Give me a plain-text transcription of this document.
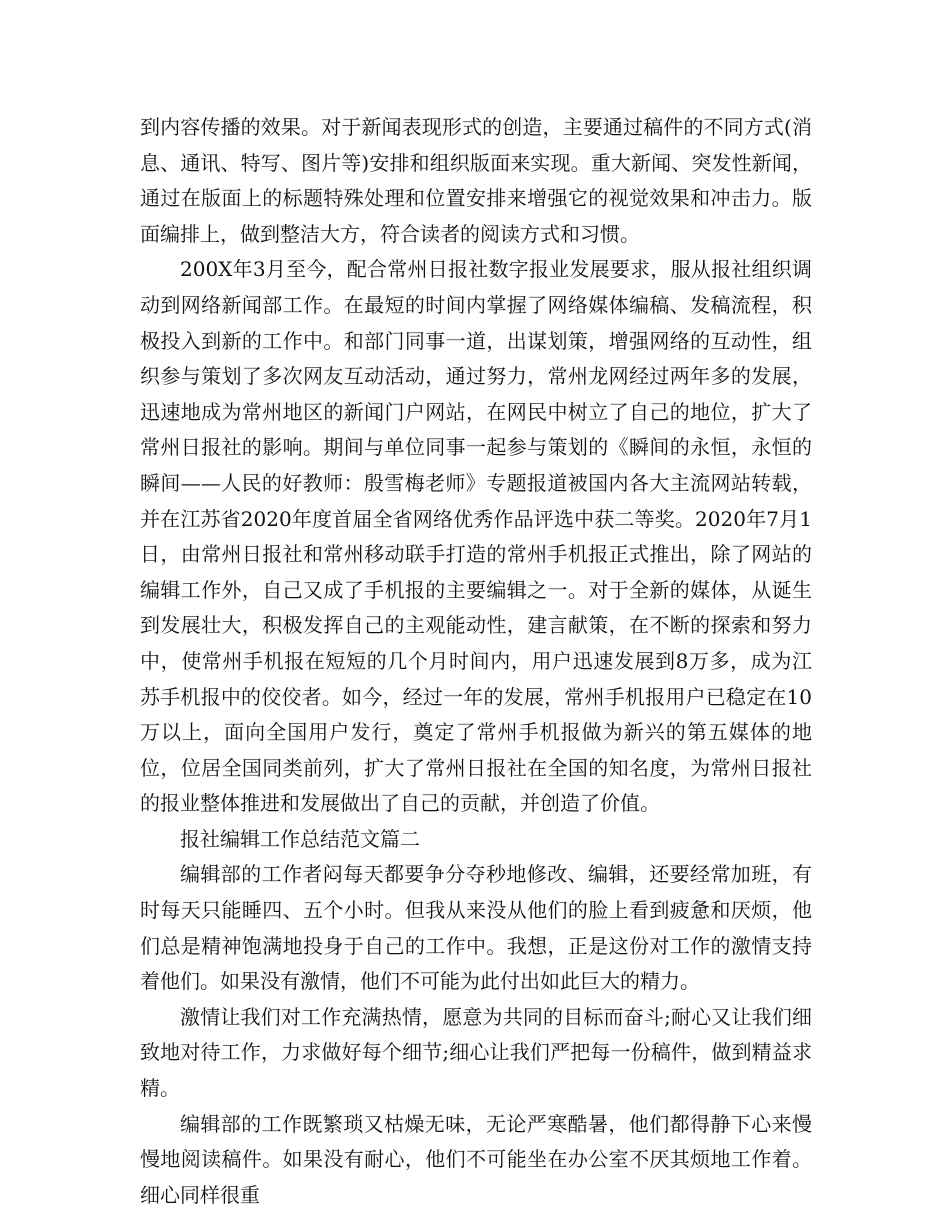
到内容传播的效果。对于新闻表现形式的创造，主要通过稿件的不同方式(消息、通讯、特写、图片等)安排和组织版面来实现。重大新闻、突发性新闻，通过在版面上的标题特殊处理和位置安排来增强它的视觉效果和冲击力。版面编排上，做到整洁大方，符合读者的阅读方式和习惯。

200X年3月至今，配合常州日报社数字报业发展要求，服从报社组织调动到网络新闻部工作。在最短的时间内掌握了网络媒体编稿、发稿流程，积极投入到新的工作中。和部门同事一道，出谋划策，增强网络的互动性，组织参与策划了多次网友互动活动，通过努力，常州龙网经过两年多的发展，迅速地成为常州地区的新闻门户网站，在网民中树立了自己的地位，扩大了常州日报社的影响。期间与单位同事一起参与策划的《瞬间的永恒，永恒的瞬间——人民的好教师：殷雪梅老师》专题报道被国内各大主流网站转载，并在江苏省2020年度首届全省网络优秀作品评选中获二等奖。2020年7月1日，由常州日报社和常州移动联手打造的常州手机报正式推出，除了网站的编辑工作外，自己又成了手机报的主要编辑之一。对于全新的媒体，从诞生到发展壮大，积极发挥自己的主观能动性，建言献策，在不断的探索和努力中，使常州手机报在短短的几个月时间内，用户迅速发展到8万多，成为江苏手机报中的佼佼者。如今，经过一年的发展，常州手机报用户已稳定在10万以上，面向全国用户发行，奠定了常州手机报做为新兴的第五媒体的地位，位居全国同类前列，扩大了常州日报社在全国的知名度，为常州日报社的报业整体推进和发展做出了自己的贡献，并创造了价值。

报社编辑工作总结范文篇二

编辑部的工作者闷每天都要争分夺秒地修改、编辑，还要经常加班，有时每天只能睡四、五个小时。但我从来没从他们的脸上看到疲惫和厌烦，他们总是精神饱满地投身于自己的工作中。我想，正是这份对工作的激情支持着他们。如果没有激情，他们不可能为此付出如此巨大的精力。

激情让我们对工作充满热情，愿意为共同的目标而奋斗;耐心又让我们细致地对待工作，力求做好每个细节;细心让我们严把每一份稿件，做到精益求精。

编辑部的工作既繁琐又枯燥无味，无论严寒酷暑，他们都得静下心来慢慢地阅读稿件。如果没有耐心，他们不可能坐在办公室不厌其烦地工作着。细心同样很重
